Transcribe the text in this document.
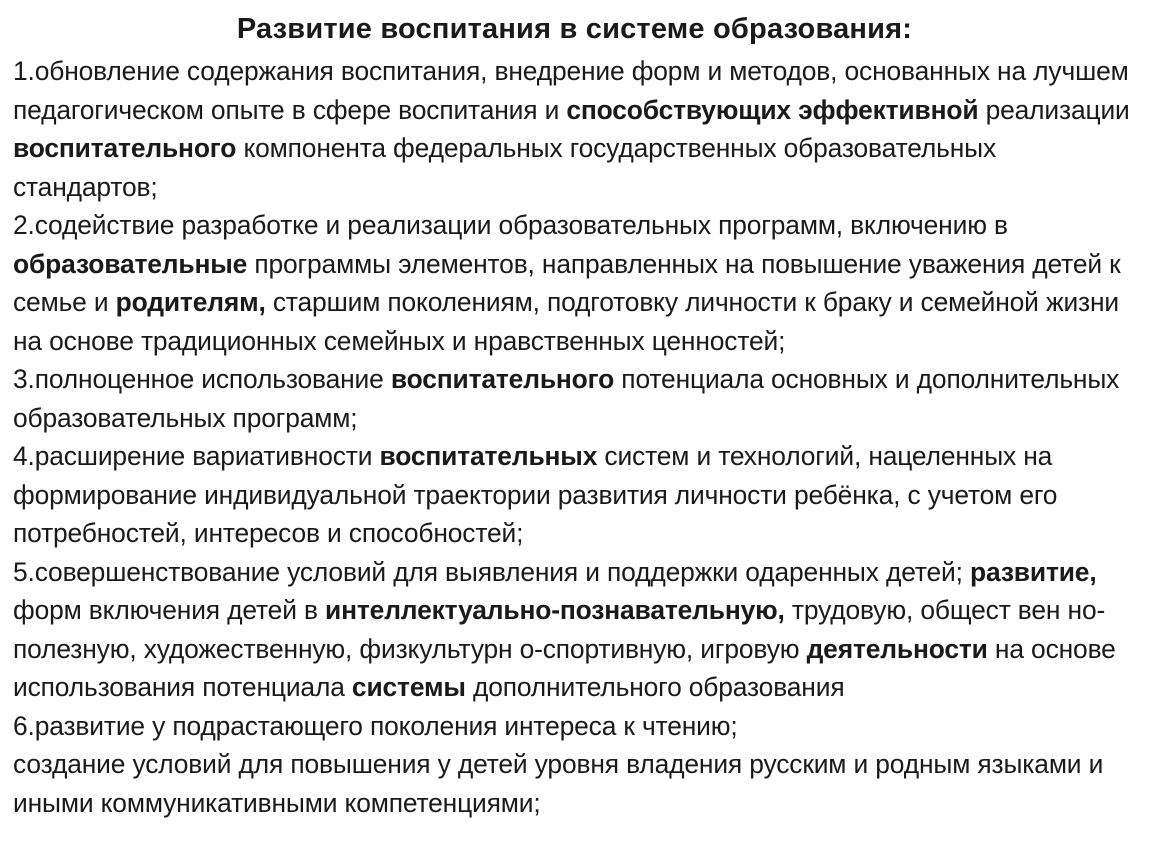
Развитие воспитания в системе образования:

1.обновление содержания воспитания, внедрение форм и методов, основанных на лучшем педагогическом опыте в сфере воспитания и способствующих эффективной реализации воспитательного компонента федеральных государственных образовательных стандартов;

2.содействие разработке и реализации образовательных программ, включению в образовательные программы элементов, направленных на повышение уважения детей к семье и родителям, старшим поколениям, подготовку личности к браку и семейной жизни на основе традиционных семейных и нравственных ценностей;

3.полноценное использование воспитательного потенциала основных и дополнительных образовательных программ;

4.расширение вариативности воспитательных систем и технологий, нацеленных на формирование индивидуальной траектории развития личности ребёнка, с учетом его потребностей, интересов и способностей;

5.совершенствование условий для выявления и поддержки одаренных детей; развитие, форм включения детей в интеллектуально-познавательную, трудовую, общест вен но- полезную, художественную, физкультурн о-спортивную, игровую деятельности на основе использования потенциала системы дополнительного образования

6.развитие у подрастающего поколения интереса к чтению;

создание условий для повышения у детей уровня владения русским и родным языками и иными коммуникативными компетенциями;
